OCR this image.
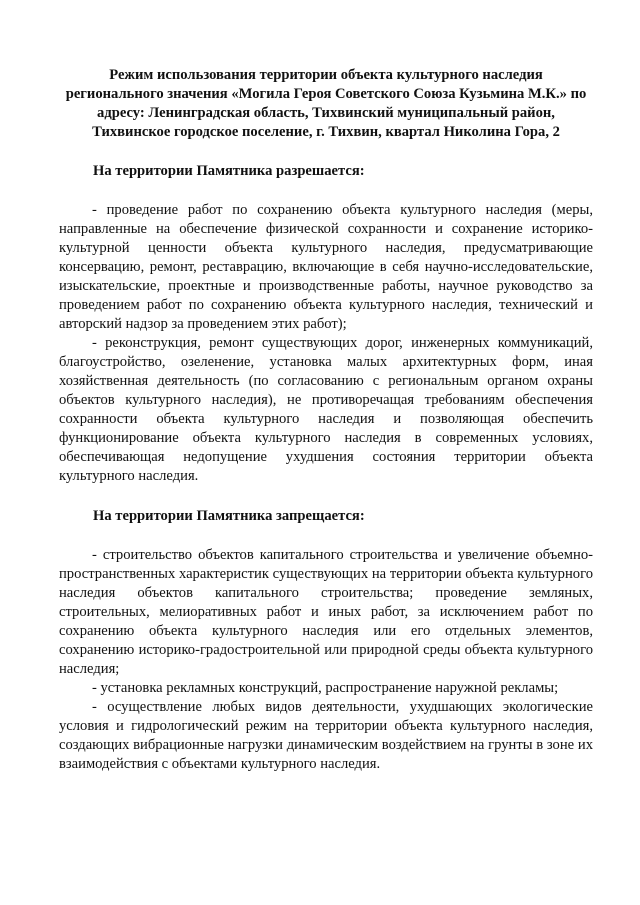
Режим использования территории объекта культурного наследия регионального значения «Могила Героя Советского Союза Кузьмина М.К.» по адресу: Ленинградская область, Тихвинский муниципальный район, Тихвинское городское поселение, г. Тихвин, квартал Николина Гора, 2

На территории Памятника разрешается:

- проведение работ по сохранению объекта культурного наследия (меры, направленные на обеспечение физической сохранности и сохранение историко-культурной ценности объекта культурного наследия, предусматривающие консервацию, ремонт, реставрацию, включающие в себя научно-исследовательские, изыскательские, проектные и производственные работы, научное руководство за проведением работ по сохранению объекта культурного наследия, технический и авторский надзор за проведением этих работ);

- реконструкция, ремонт существующих дорог, инженерных коммуникаций, благоустройство, озеленение, установка малых архитектурных форм, иная хозяйственная деятельность (по согласованию с региональным органом охраны объектов культурного наследия), не противоречащая требованиям обеспечения сохранности объекта культурного наследия и позволяющая обеспечить функционирование объекта культурного наследия в современных условиях, обеспечивающая недопущение ухудшения состояния территории объекта культурного наследия.

На территории Памятника запрещается:

- строительство объектов капитального строительства и увеличение объемно-пространственных характеристик существующих на территории объекта культурного наследия объектов капитального строительства; проведение земляных, строительных, мелиоративных работ и иных работ, за исключением работ по сохранению объекта культурного наследия или его отдельных элементов, сохранению историко-градостроительной или природной среды объекта культурного наследия;

- установка рекламных конструкций, распространение наружной рекламы;

- осуществление любых видов деятельности, ухудшающих экологические условия и гидрологический режим на территории объекта культурного наследия, создающих вибрационные нагрузки динамическим воздействием на грунты в зоне их взаимодействия с объектами культурного наследия.
